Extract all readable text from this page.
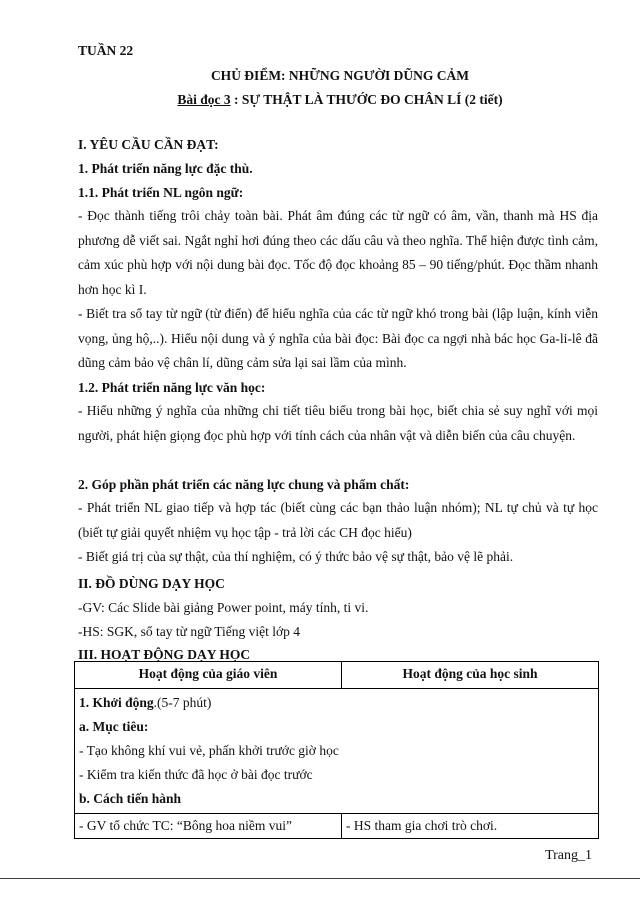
TUẦN 22
CHỦ ĐIỂM: NHỮNG NGƯỜI DŨNG CẢM
Bài đọc 3 : SỰ THẬT LÀ THƯỚC ĐO CHÂN LÍ (2 tiết)
I. YÊU CẦU CẦN ĐẠT:
1. Phát triển năng lực đặc thù.
1.1. Phát triển NL ngôn ngữ:
- Đọc thành tiếng trôi chảy toàn bài. Phát âm đúng các từ ngữ có âm, vần, thanh mà HS địa phương dễ viết sai. Ngắt nghỉ hơi đúng theo các dấu câu và theo nghĩa. Thể hiện được tình cảm, cảm xúc phù hợp với nội dung bài đọc. Tốc độ đọc khoảng 85 – 90 tiếng/phút. Đọc thầm nhanh hơn học kì I.
- Biết tra sổ tay từ ngữ (từ điển) để hiểu nghĩa của các từ ngữ khó trong bài (lập luận, kính viễn vọng, ủng hộ,..). Hiểu nội dung và ý nghĩa của bài đọc: Bài đọc ca ngợi nhà bác học Ga-li-lê đã dũng cảm bảo vệ chân lí, dũng cảm sửa lại sai lầm của mình.
1.2. Phát triển năng lực văn học:
- Hiểu những ý nghĩa của những chi tiết tiêu biểu trong bài học, biết chia sẻ suy nghĩ với mọi người, phát hiện giọng đọc phù hợp với tính cách của nhân vật và diễn biến của câu chuyện.
2. Góp phần phát triển các năng lực chung và phẩm chất:
- Phát triển NL giao tiếp và hợp tác (biết cùng các bạn thảo luận nhóm); NL tự chủ và tự học (biết tự giải quyết nhiệm vụ học tập - trả lời các CH đọc hiểu)
- Biết giá trị của sự thật, của thí nghiệm, có ý thức bảo vệ sự thật, bảo vệ lẽ phải.
II. ĐỒ DÙNG DẠY HỌC
-GV: Các Slide bài giảng Power point, máy tính, ti vi.
-HS: SGK, sổ tay từ ngữ Tiếng việt lớp 4
III. HOẠT ĐỘNG DẠY HỌC
Hoạt động của giáo viên	Hoạt động của học sinh

1. Khởi động.(5-7 phút)
a. Mục tiêu:
- Tạo không khí vui vẻ, phấn khởi trước giờ học
- Kiểm tra kiến thức đã học ở bài đọc trước
b. Cách tiến hành	

- GV tổ chức TC: “Bông hoa niềm vui”	- HS tham gia chơi trò chơi.
Trang_1
